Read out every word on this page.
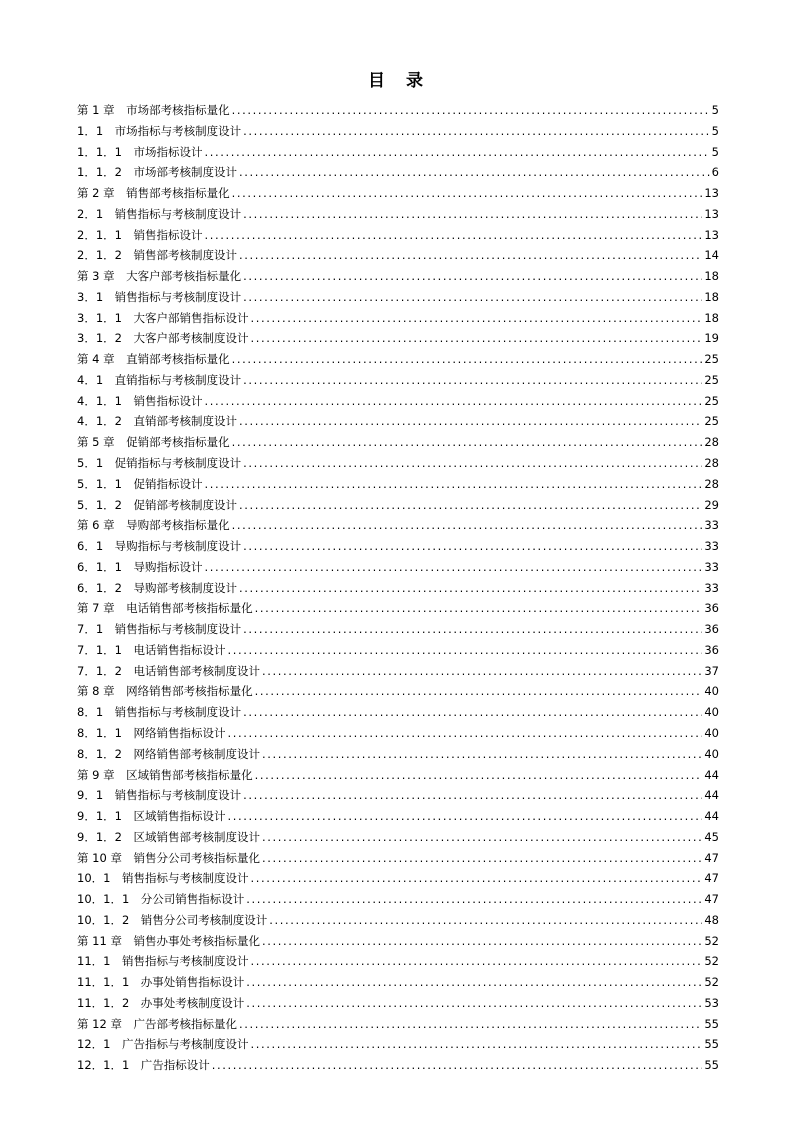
目　录
第 1 章　市场部考核指标量化 .....	5
1．1　市场指标与考核制度设计 .....	5
1．1．1　市场指标设计 .....	5
1．1．2　市场部考核制度设计 .....	6
第 2 章　销售部考核指标量化 .....	13
2．1　销售指标与考核制度设计 .....	13
2．1．1　销售指标设计 .....	13
2．1．2　销售部考核制度设计 .....	14
第 3 章　大客户部考核指标量化 .....	18
3．1　销售指标与考核制度设计 .....	18
3．1．1　大客户部销售指标设计 .....	18
3．1．2　大客户部考核制度设计 .....	19
第 4 章　直销部考核指标量化 .....	25
4．1　直销指标与考核制度设计 .....	25
4．1．1　销售指标设计 .....	25
4．1．2　直销部考核制度设计 .....	25
第 5 章　促销部考核指标量化 .....	28
5．1　促销指标与考核制度设计 .....	28
5．1．1　促销指标设计 .....	28
5．1．2　促销部考核制度设计 .....	29
第 6 章　导购部考核指标量化 .....	33
6．1　导购指标与考核制度设计 .....	33
6．1．1　导购指标设计 .....	33
6．1．2　导购部考核制度设计 .....	33
第 7 章　电话销售部考核指标量化 .....	36
7．1　销售指标与考核制度设计 .....	36
7．1．1　电话销售指标设计 .....	36
7．1．2　电话销售部考核制度设计 .....	37
第 8 章　网络销售部考核指标量化 .....	40
8．1　销售指标与考核制度设计 .....	40
8．1．1　网络销售指标设计 .....	40
8．1．2　网络销售部考核制度设计 .....	40
第 9 章　区域销售部考核指标量化 .....	44
9．1　销售指标与考核制度设计 .....	44
9．1．1　区域销售指标设计 .....	44
9．1．2　区域销售部考核制度设计 .....	45
第 10 章　销售分公司考核指标量化 .....	47
10．1　销售指标与考核制度设计 .....	47
10．1．1　分公司销售指标设计 .....	47
10．1．2　销售分公司考核制度设计 .....	48
第 11 章　销售办事处考核指标量化 .....	52
11．1　销售指标与考核制度设计 .....	52
11．1．1　办事处销售指标设计 .....	52
11．1．2　办事处考核制度设计 .....	53
第 12 章　广告部考核指标量化 .....	55
12．1　广告指标与考核制度设计 .....	55
12．1．1　广告指标设计 .....	55
